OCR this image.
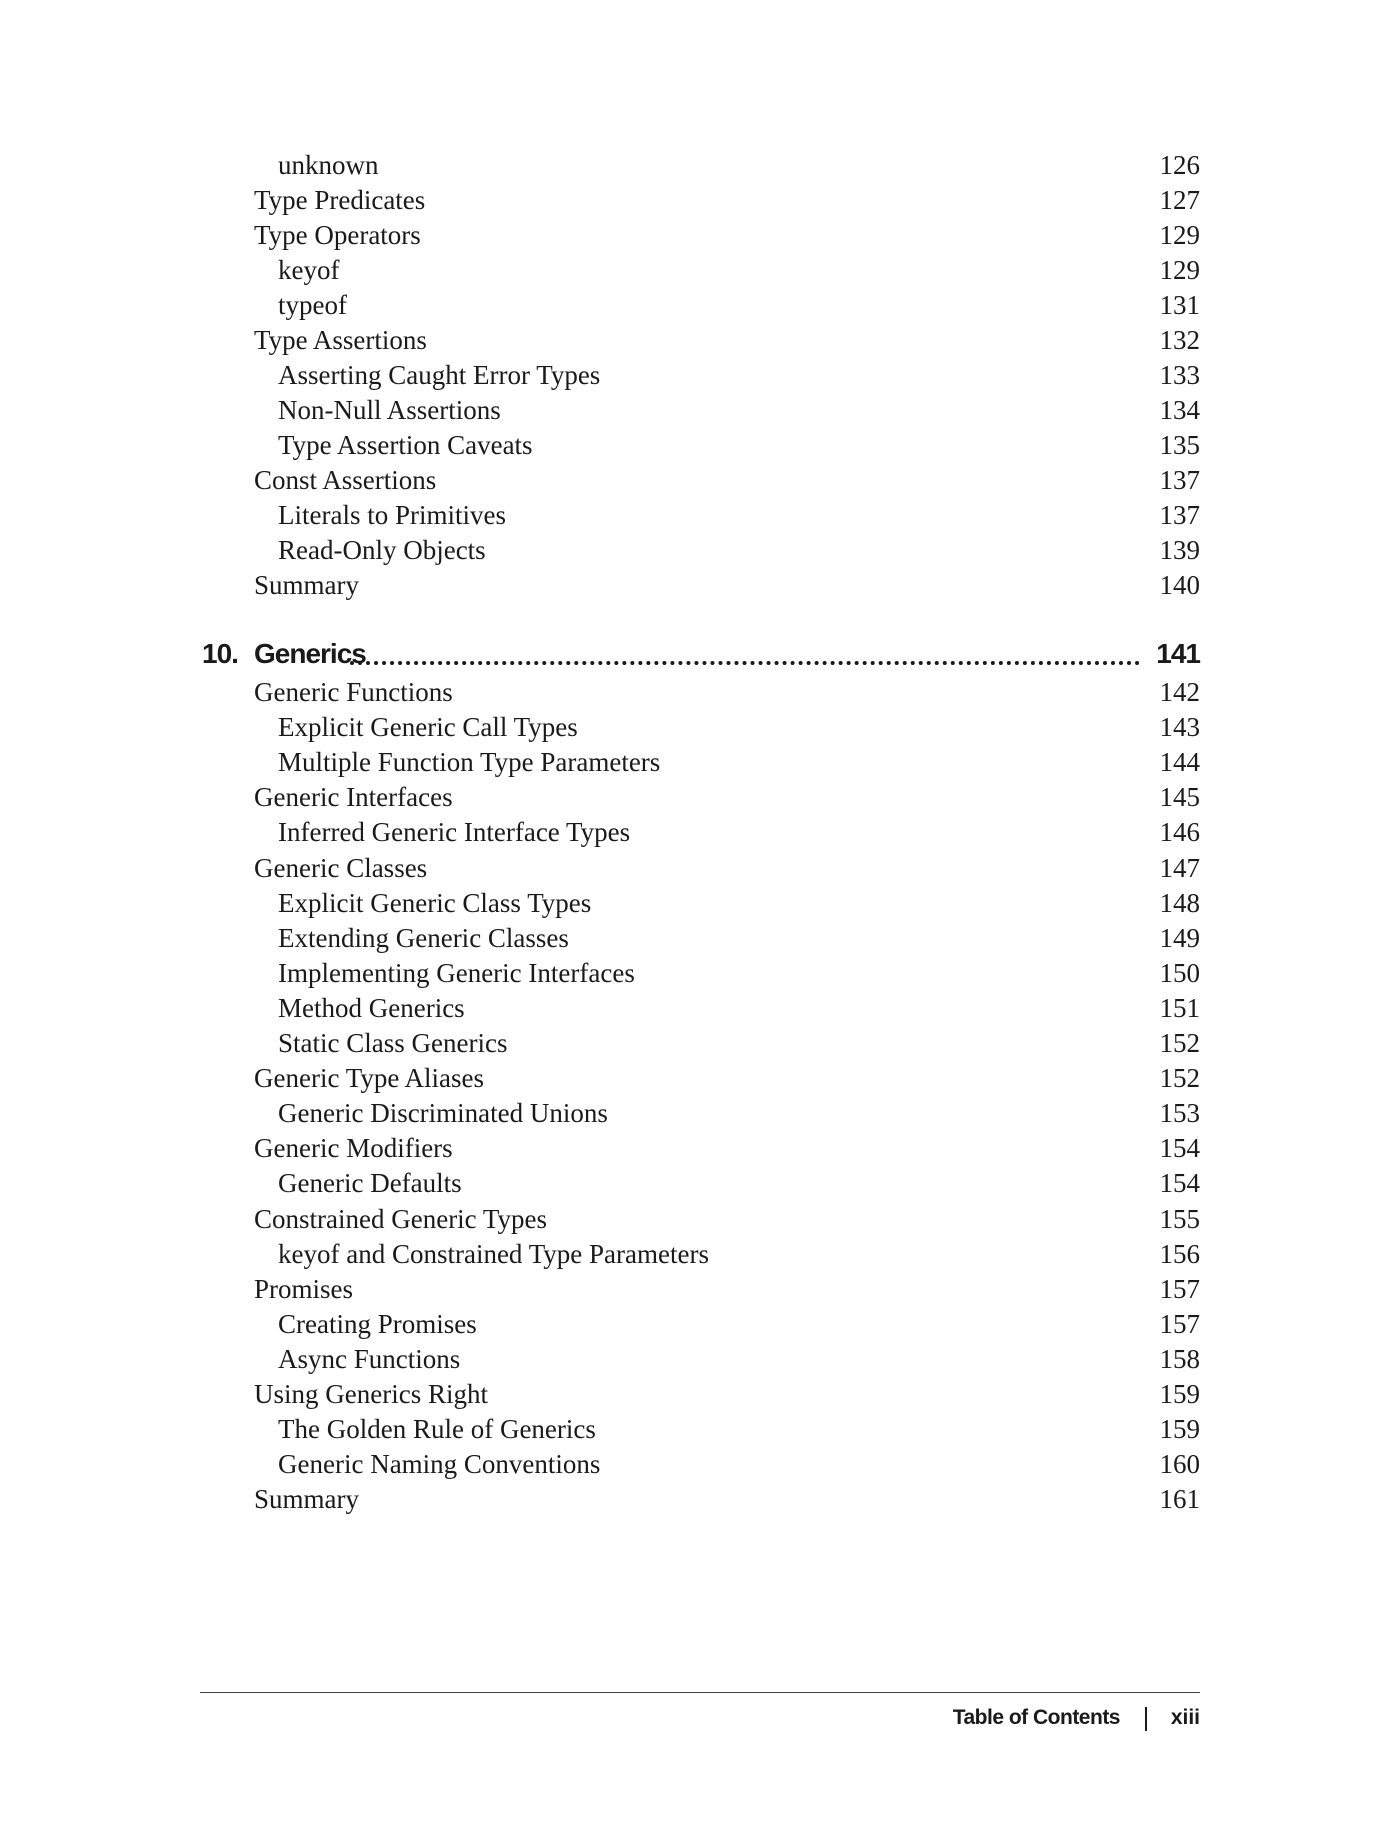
unknown	126
Type Predicates	127
Type Operators	129
keyof	129
typeof	131
Type Assertions	132
Asserting Caught Error Types	133
Non-Null Assertions	134
Type Assertion Caveats	135
Const Assertions	137
Literals to Primitives	137
Read-Only Objects	139
Summary	140
10. Generics	141
Generic Functions	142
Explicit Generic Call Types	143
Multiple Function Type Parameters	144
Generic Interfaces	145
Inferred Generic Interface Types	146
Generic Classes	147
Explicit Generic Class Types	148
Extending Generic Classes	149
Implementing Generic Interfaces	150
Method Generics	151
Static Class Generics	152
Generic Type Aliases	152
Generic Discriminated Unions	153
Generic Modifiers	154
Generic Defaults	154
Constrained Generic Types	155
keyof and Constrained Type Parameters	156
Promises	157
Creating Promises	157
Async Functions	158
Using Generics Right	159
The Golden Rule of Generics	159
Generic Naming Conventions	160
Summary	161
Table of Contents xiii
